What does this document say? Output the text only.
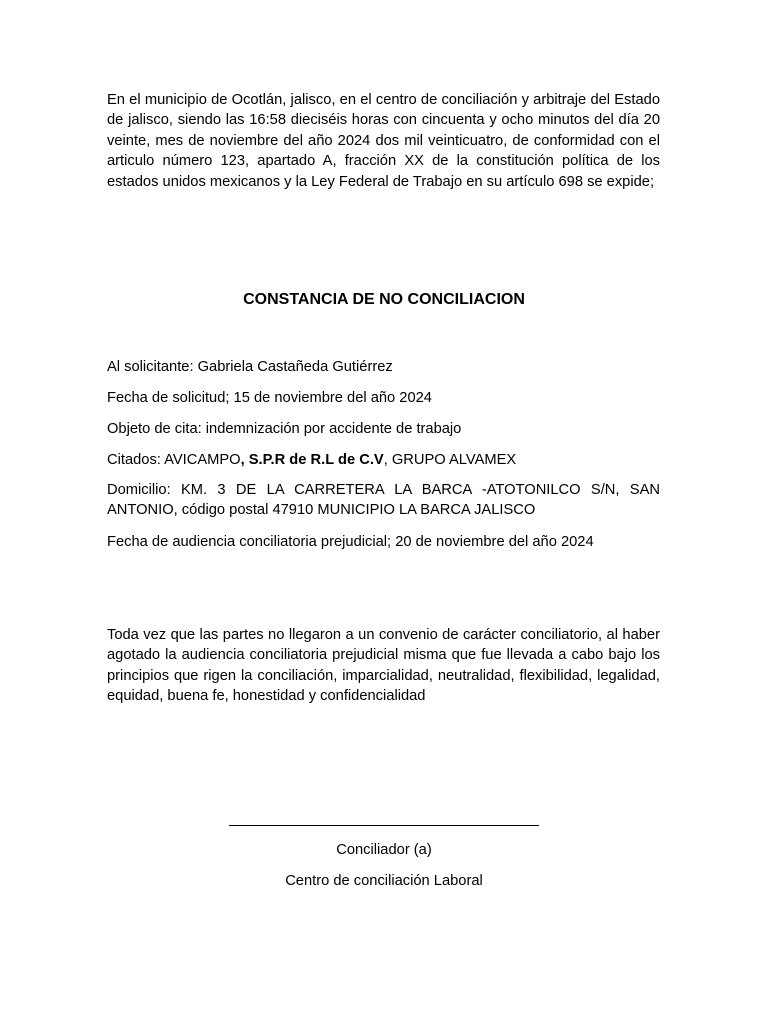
En el municipio de Ocotlán, jalisco, en el centro de conciliación y arbitraje del Estado de jalisco, siendo las 16:58 dieciséis horas con cincuenta y ocho minutos del día 20 veinte, mes de noviembre del año 2024 dos mil veinticuatro, de conformidad con el articulo número 123, apartado A, fracción XX de la constitución política de los estados unidos mexicanos y la Ley Federal de Trabajo en su artículo 698 se expide;

CONSTANCIA DE NO CONCILIACION

Al solicitante: Gabriela Castañeda Gutiérrez

Fecha de solicitud; 15 de noviembre del año 2024

Objeto de cita: indemnización por accidente de trabajo

Citados: AVICAMPO, S.P.R de R.L de C.V, GRUPO ALVAMEX

Domicilio: KM. 3 DE LA CARRETERA LA BARCA -ATOTONILCO S/N, SAN ANTONIO, código postal 47910 MUNICIPIO LA BARCA JALISCO

Fecha de audiencia conciliatoria prejudicial; 20 de noviembre del año 2024

Toda vez que las partes no llegaron a un convenio de carácter conciliatorio, al haber agotado la audiencia conciliatoria prejudicial misma que fue llevada a cabo bajo los principios que rigen la conciliación, imparcialidad, neutralidad, flexibilidad, legalidad, equidad, buena fe, honestidad y confidencialidad

Conciliador (a)

Centro de conciliación Laboral
